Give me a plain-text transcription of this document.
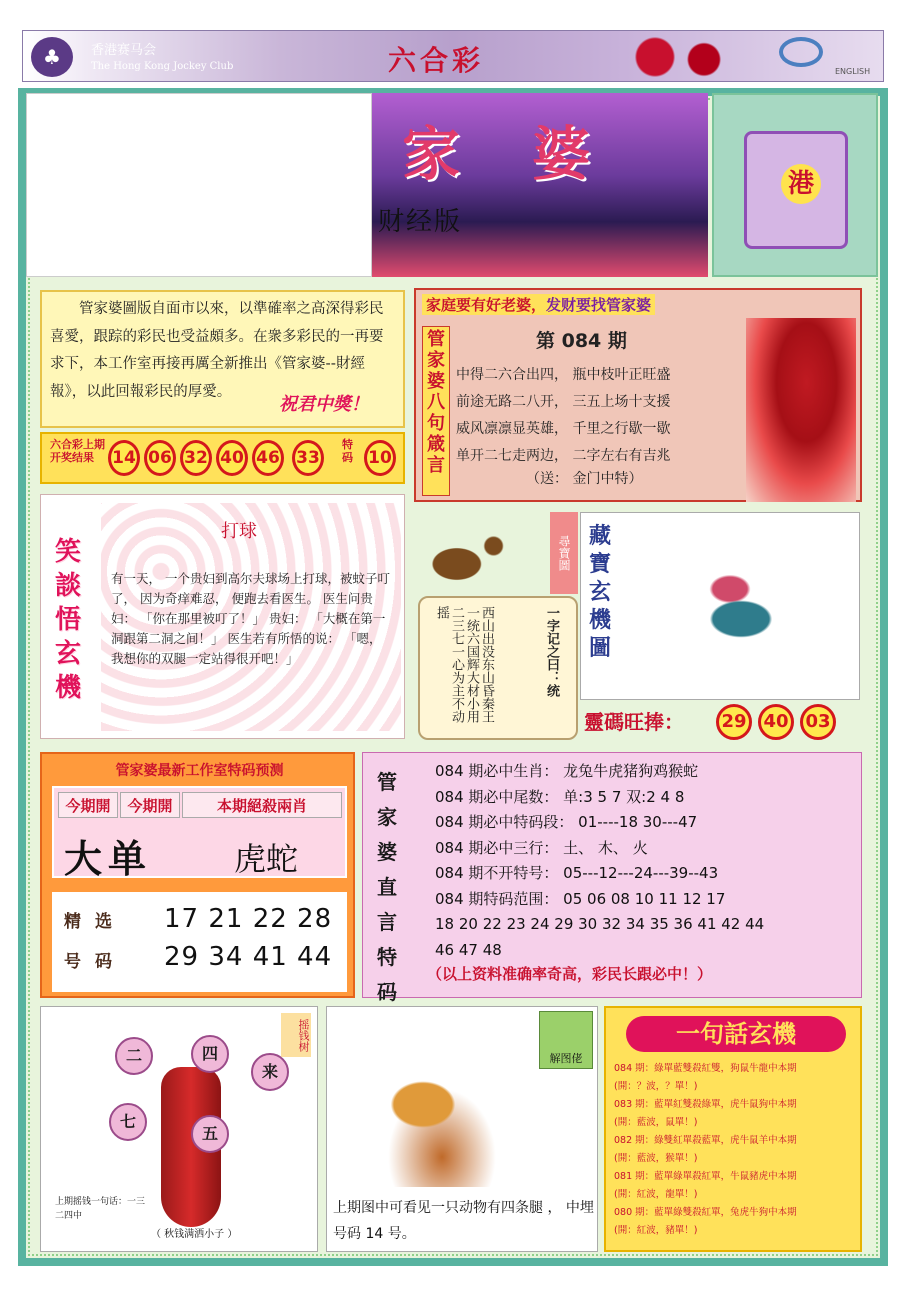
♣	香港赛马会
The Hong Kong Jockey Club	六合彩	ENGLISH
家婆
财经版
港
管家婆圖版自面市以來，以準確率之高深得彩民喜愛，跟踪的彩民也受益頗多。在衆多彩民的一再要求下，本工作室再接再厲全新推出《管家婆--財經報》，以此回報彩民的厚愛。
祝君中獎！
六合彩上期开奖结果	14 06 32 40 46 33
特码 10
家庭要有好老婆，发财要找管家婆
管家婆八句箴言
第 084 期
中得二六合出四， 瓶中枝叶正旺盛
前途无路二八开， 三五上场十支援
威风凛凛显英雄， 千里之行歇一歇
单开二七走两边， 二字左右有吉兆
（送： 金门中特）
笑談悟玄機
打球
有一天， 一个贵妇到高尔夫球场上打球，被蚊子叮了， 因为奇痒难忍， 便跑去看医生。 医生问贵妇： 「你在那里被叮了！」 贵妇： 「大概在第一洞跟第二洞之间！」 医生若有所悟的说： 「嗯， 我想你的双腿一定站得很开吧！」	一字记之曰：统
西山出没东山昏秦王一统六国辉大材小用二三七一心为主不动摇
尋寶圖 藏寶玄機圖
靈碼旺捧：	29 40 03
管家婆最新工作室特码预测
今期開	今期開	本期絕殺兩肖
大单	虎蛇
精选号码
17 21 22 28
29 34 41 44
管家婆直言特码
084 期必中生肖： 龙兔牛虎猪狗鸡猴蛇
084 期必中尾数： 单:3 5 7 双:2 4 8
084 期必中特码段： 01----18 30---47
084 期必中三行： 土、 木、 火
084 期不开特号： 05---12---24---39--43
084 期特码范围： 05 06 08 10 11 12 17
18 20 22 23 24 29 30 32 34 35 36 41 42 44
46 47 48
（以上资料准确率奇高，彩民长跟必中！）
摇钱树
二	四
来
七
五
上期摇钱一句话：一三二四中
（ 秋钱满洒小子 ）
解图佬
上期图中可看见一只动物有四条腿 ， 中埋号码 14 号。
一句話玄機
084 期：綠單藍雙殺紅雙，狗鼠牛龍中本期
(開：？波，？單！)
083 期：藍單紅雙殺綠單，虎牛鼠狗中本期
(開：藍波，鼠單！)
082 期：綠雙紅單殺藍單，虎牛鼠羊中本期
(開：藍波，猴單！)
081 期：藍單綠單殺紅單，牛鼠豬虎中本期
(開：紅波，龍單！)
080 期：藍單綠雙殺紅單，兔虎牛狗中本期
(開：紅波，豬單！)
